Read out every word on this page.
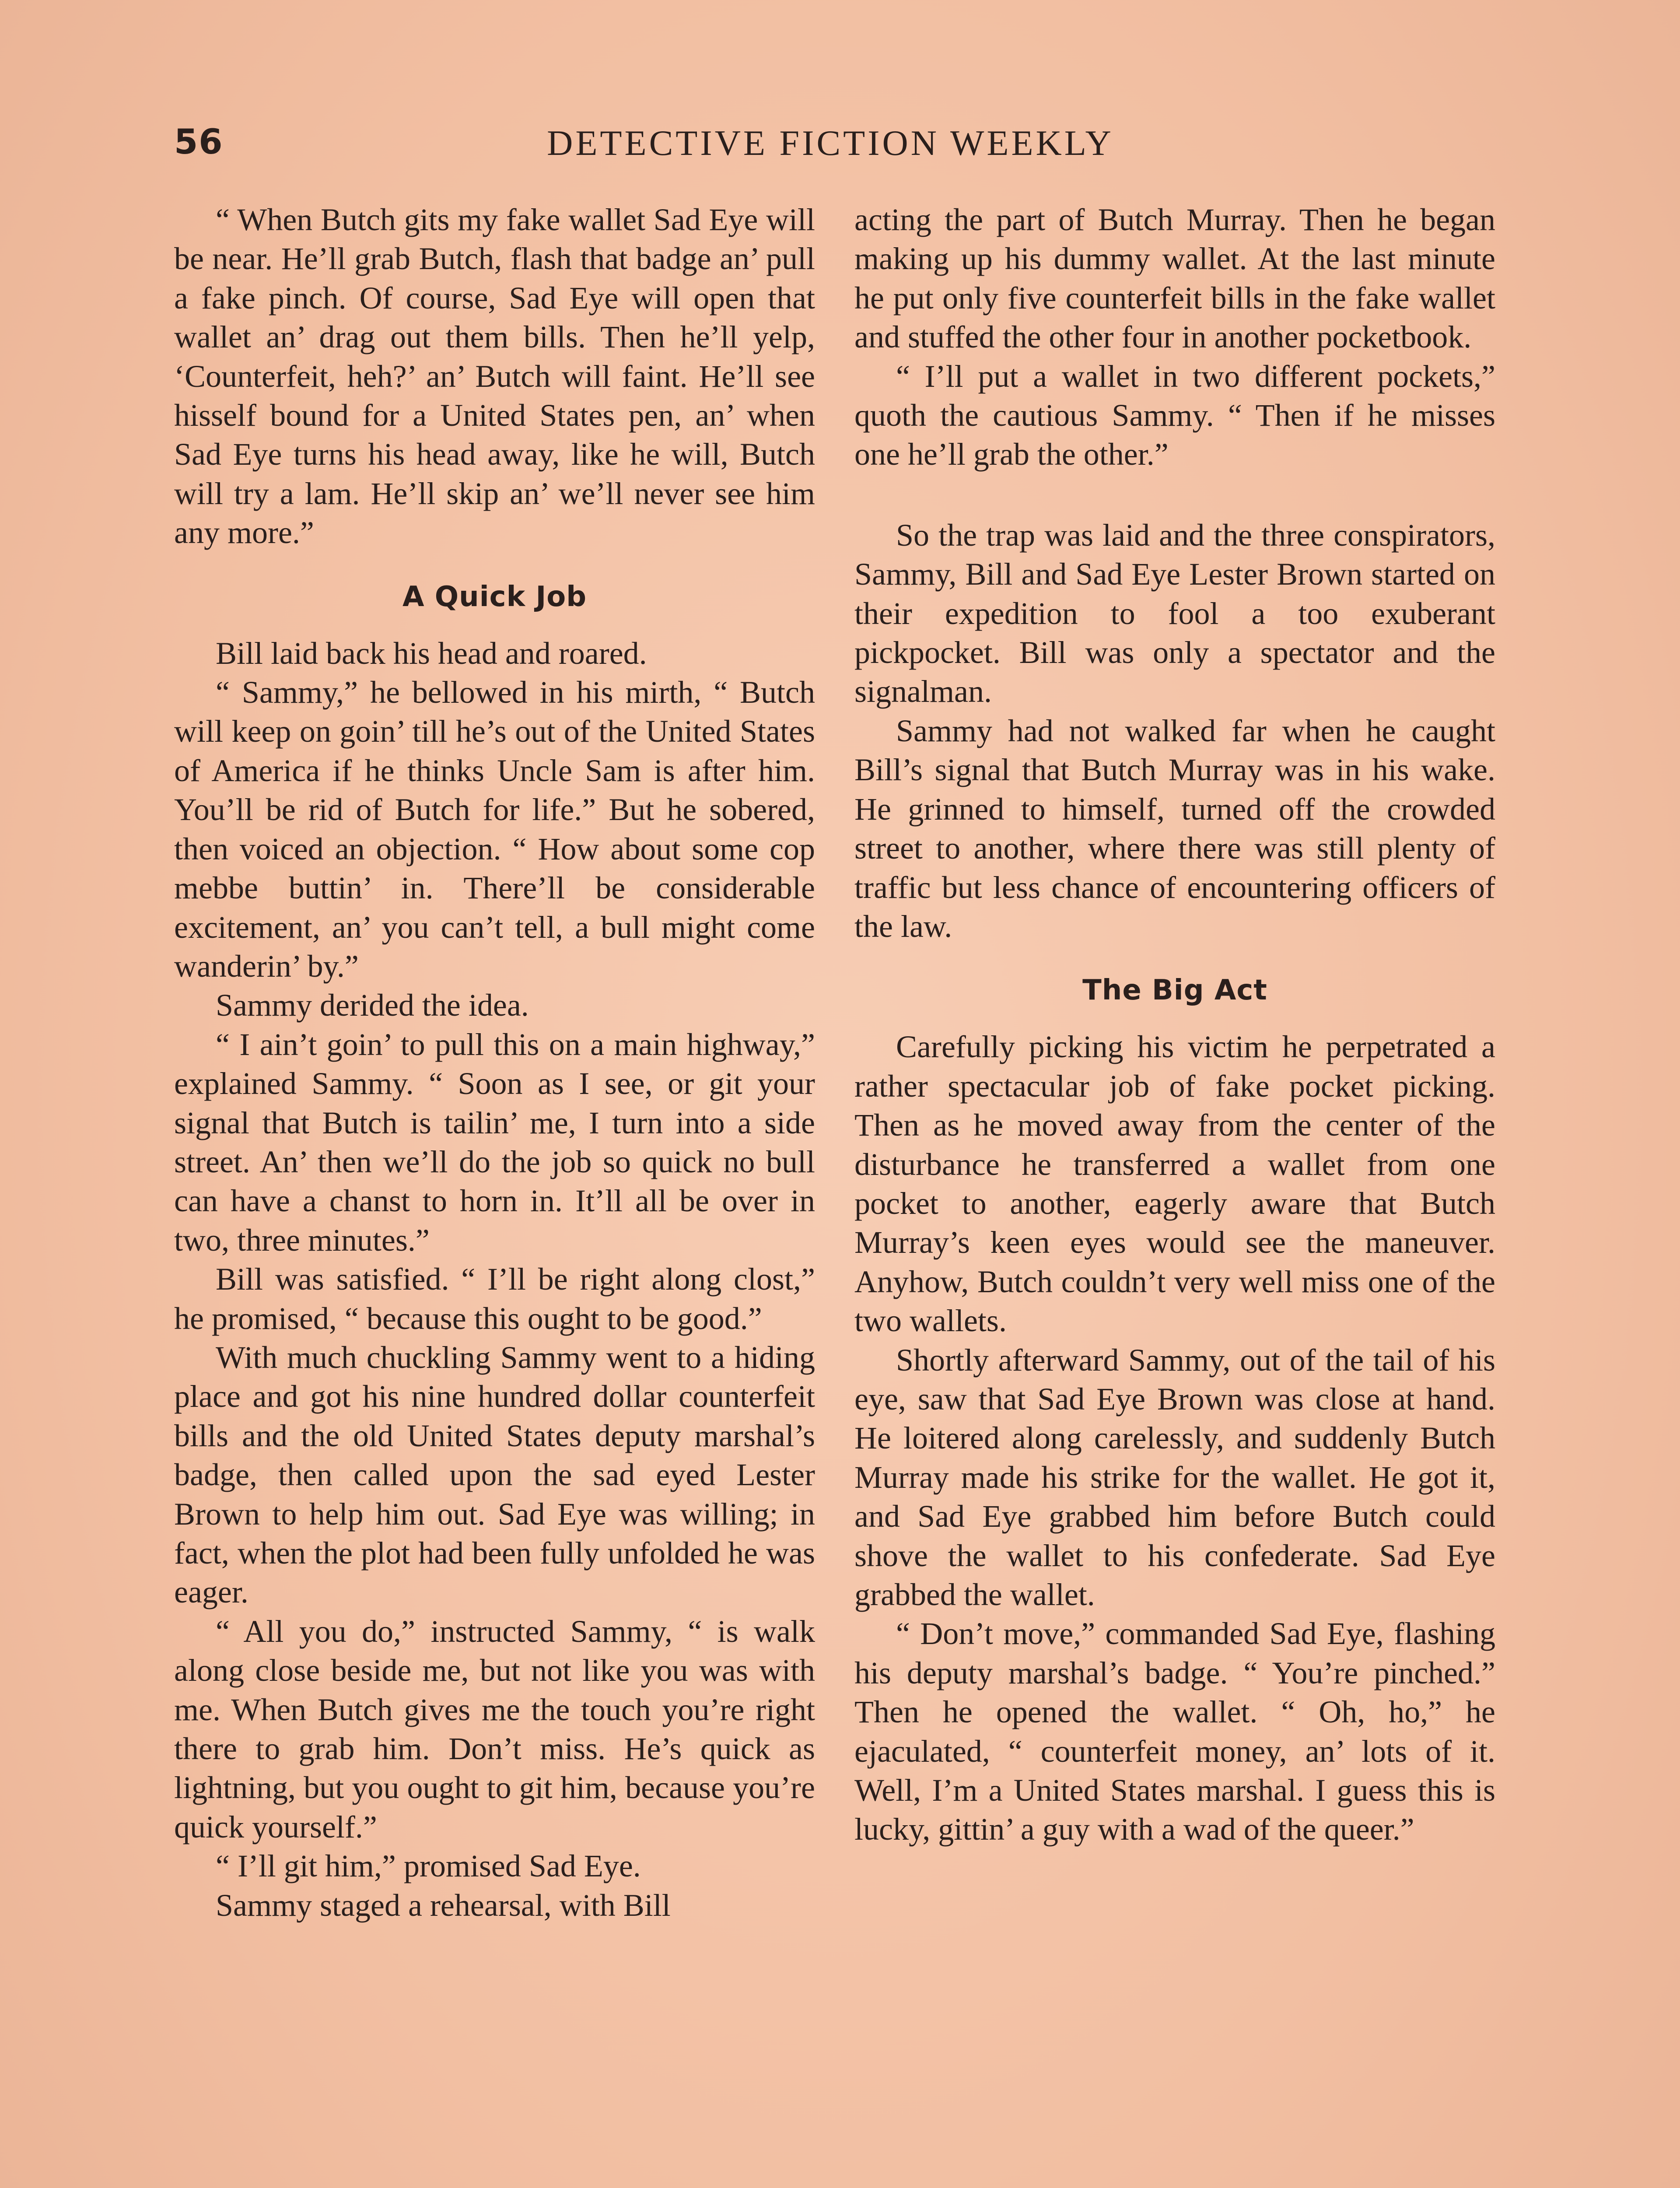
56	DETECTIVE FICTION WEEKLY

“ When Butch gits my fake wallet Sad Eye will be near. He’ll grab Butch, flash that badge an’ pull a fake pinch. Of course, Sad Eye will open that wallet an’ drag out them bills. Then he’ll yelp, ‘Counterfeit, heh?’ an’ Butch will faint. He’ll see hisself bound for a United States pen, an’ when Sad Eye turns his head away, like he will, Butch will try a lam. He’ll skip an’ we’ll never see him any more.”

A Quick Job

Bill laid back his head and roared.

“ Sammy,” he bellowed in his mirth, “ Butch will keep on goin’ till he’s out of the United States of America if he thinks Uncle Sam is after him. You’ll be rid of Butch for life.” But he sobered, then voiced an objection. “ How about some cop mebbe buttin’ in. There’ll be considerable excitement, an’ you can’t tell, a bull might come wanderin’ by.”

Sammy derided the idea.

“ I ain’t goin’ to pull this on a main highway,” explained Sammy. “ Soon as I see, or git your signal that Butch is tailin’ me, I turn into a side street. An’ then we’ll do the job so quick no bull can have a chanst to horn in. It’ll all be over in two, three minutes.”

Bill was satisfied. “ I’ll be right along clost,” he promised, “ because this ought to be good.”

With much chuckling Sammy went to a hiding place and got his nine hundred dollar counterfeit bills and the old United States deputy marshal’s badge, then called upon the sad eyed Lester Brown to help him out. Sad Eye was willing; in fact, when the plot had been fully unfolded he was eager.

“ All you do,” instructed Sammy, “ is walk along close beside me, but not like you was with me. When Butch gives me the touch you’re right there to grab him. Don’t miss. He’s quick as lightning, but you ought to git him, because you’re quick yourself.”

“ I’ll git him,” promised Sad Eye.

Sammy staged a rehearsal, with Bill

acting the part of Butch Murray. Then he began making up his dummy wallet. At the last minute he put only five counterfeit bills in the fake wallet and stuffed the other four in another pocketbook.

“ I’ll put a wallet in two different pockets,” quoth the cautious Sammy. “ Then if he misses one he’ll grab the other.”

So the trap was laid and the three conspirators, Sammy, Bill and Sad Eye Lester Brown started on their expedition to fool a too exuberant pickpocket. Bill was only a spectator and the signalman.

Sammy had not walked far when he caught Bill’s signal that Butch Murray was in his wake. He grinned to himself, turned off the crowded street to another, where there was still plenty of traffic but less chance of encountering officers of the law.

The Big Act

Carefully picking his victim he perpetrated a rather spectacular job of fake pocket picking. Then as he moved away from the center of the disturbance he transferred a wallet from one pocket to another, eagerly aware that Butch Murray’s keen eyes would see the maneuver. Anyhow, Butch couldn’t very well miss one of the two wallets.

Shortly afterward Sammy, out of the tail of his eye, saw that Sad Eye Brown was close at hand. He loitered along carelessly, and suddenly Butch Murray made his strike for the wallet. He got it, and Sad Eye grabbed him before Butch could shove the wallet to his confederate. Sad Eye grabbed the wallet.

“ Don’t move,” commanded Sad Eye, flashing his deputy marshal’s badge. “ You’re pinched.” Then he opened the wallet. “ Oh, ho,” he ejaculated, “ counterfeit money, an’ lots of it. Well, I’m a United States marshal. I guess this is lucky, gittin’ a guy with a wad of the queer.”
